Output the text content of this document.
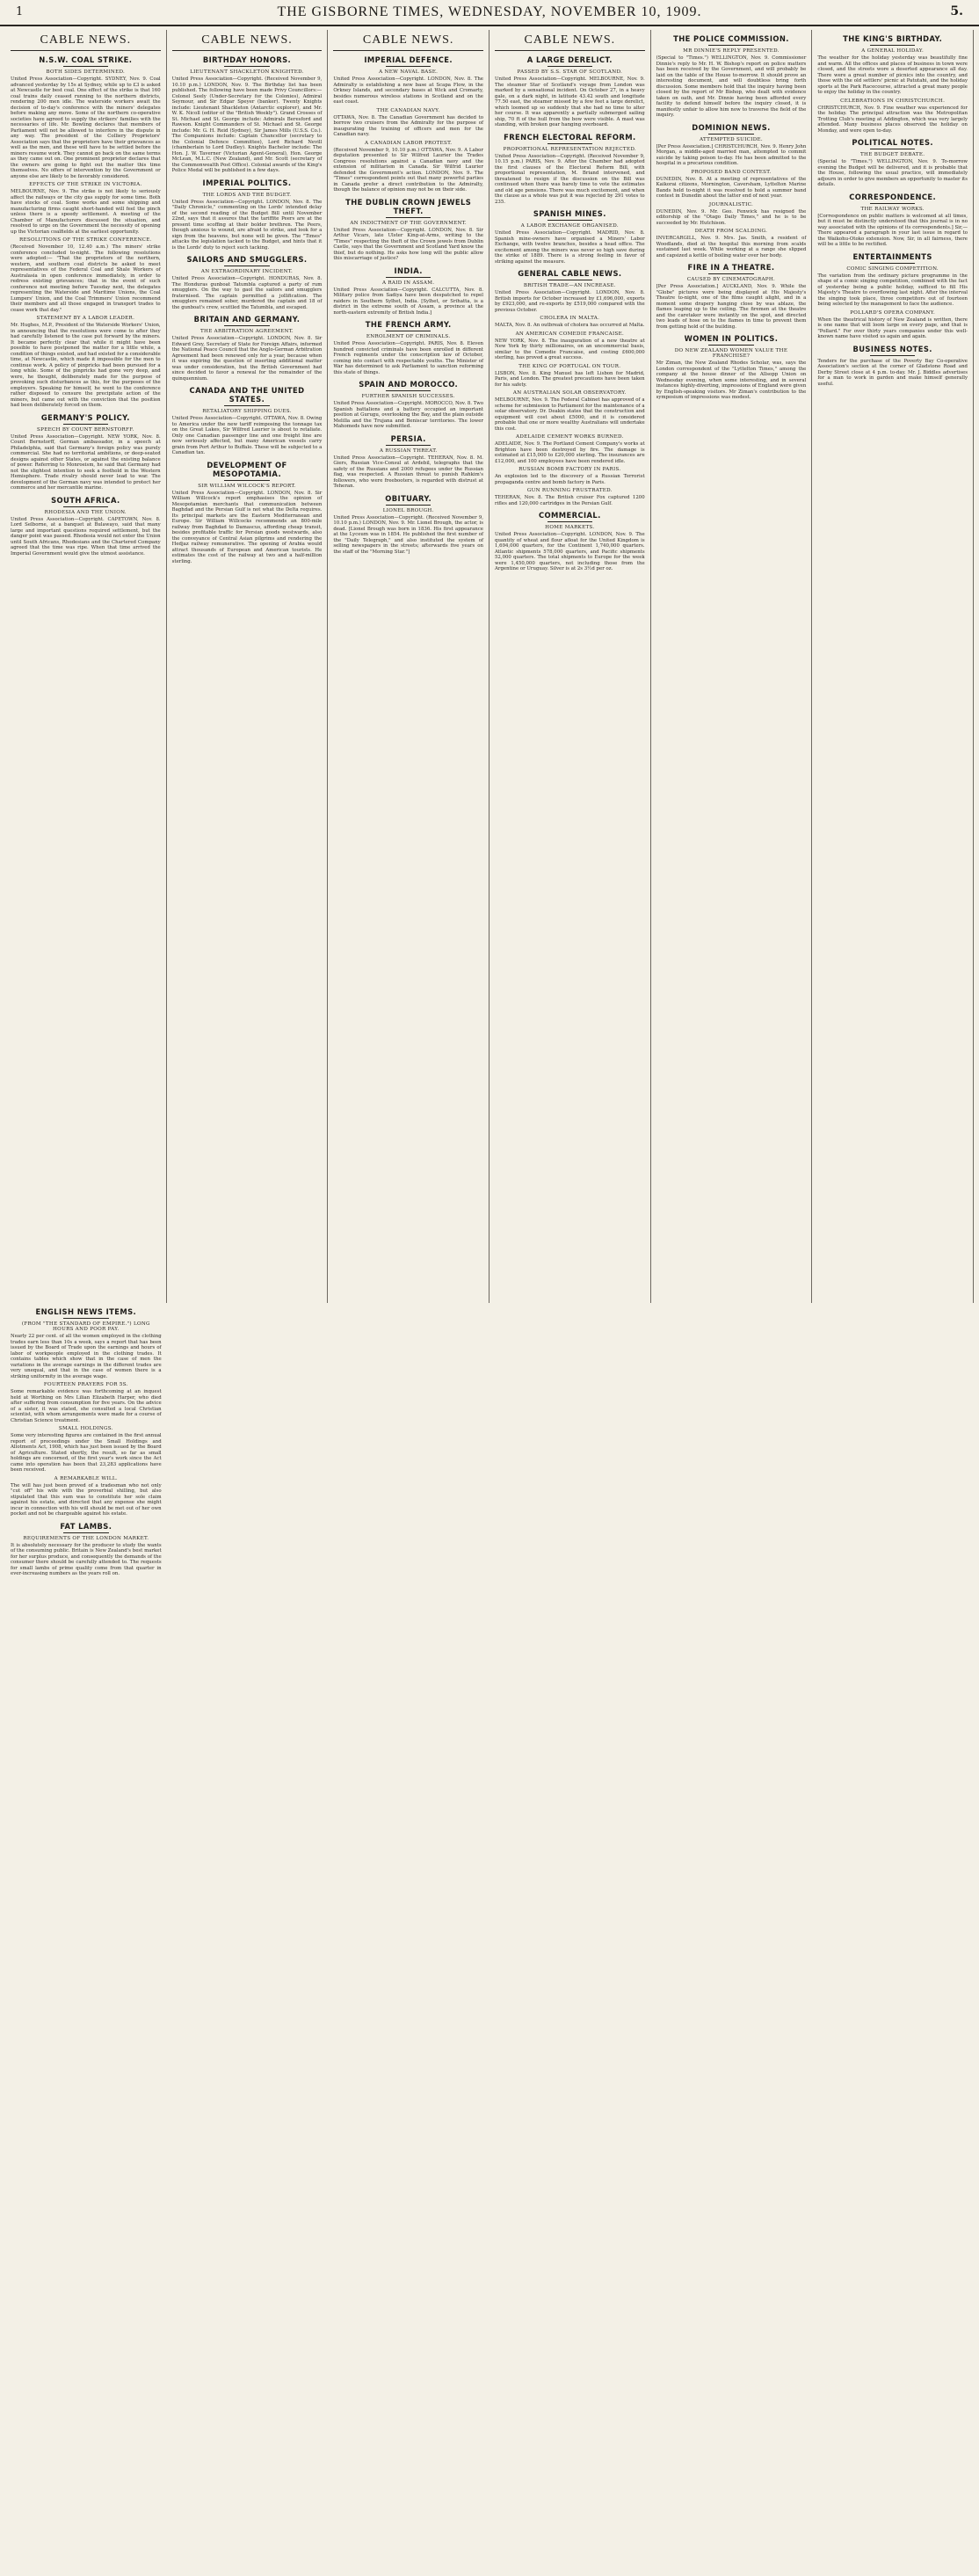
1	THE GISBORNE TIMES, WEDNESDAY, NOVEMBER 10, 1909.	5.
CABLE NEWS.
N.S.W. COAL STRIKE.
BOTH SIDES DETERMINED.
United Press Association—Copyright. SYDNEY, Nov. 9. Coal advanced yesterday by 15s at Sydney, while up to £3 is asked at Newcastle for best coal. One effect of the strike is that 160 coal trains daily ceased running to the northern districts, rendering 200 men idle. The waterside workers await the decision of to-day's conference with the miners' delegates before making any move. Some of the northern co-operative societies have agreed to supply the strikers' families with the necessaries of life. Mr. Bowling declares that members of Parliament will not be allowed to interfere in the dispute in any way. The president of the Colliery Proprietors' Association says that the proprietors have their grievances as well as the men, and these will have to be settled before the miners resume work. They cannot go back on the same terms as they came out on. One prominent proprietor declares that the owners are going to fight out the matter this time themselves. No offers of intervention by the Government or anyone else are likely to be favorably considered.
EFFECTS OF THE STRIKE IN VICTORIA.
MELBOURNE, Nov. 9. The strike is not likely to seriously affect the railways or the city gas supply for some time. Both have stocks of coal. Some works and some shipping and manufacturing firms caught short-handed will feel the pinch unless there is a speedy settlement. A meeting of the Chamber of Manufacturers discussed the situation, and resolved to urge on the Government the necessity of opening up the Victorian coalfields at the earliest opportunity.
RESOLUTIONS OF THE STRIKE CONFERENCE.
(Received November 10, 12.40 a.m.) The miners' strike conference concluded to-night. The following resolutions were adopted:— "That the proprietors of the northern, western, and southern coal districts be asked to meet representatives of the Federal Coal and Shale Workers of Australasia in open conference immediately, in order to redress existing grievances; that in the event of such conference not meeting before Tuesday next, the delegates representing the Waterside and Maritime Unions, the Coal Lumpers' Union, and the Coal Trimmers' Union recommend their members and all those engaged in transport trades to cease work that day."
STATEMENT BY A LABOR LEADER.
Mr. Hughes, M.P., President of the Waterside Workers' Union, in announcing that the resolutions were come to after they had carefully listened to the case put forward by the miners. It became perfectly clear that while it might have been possible to have postponed the matter for a little while, a condition of things existed, and had existed for a considerable time, at Newcastle, which made it impossible for the men to continue work. A policy of pinpricks had been pursued for a long while. Some of the pinpricks had gone very deep, and were, he thought, deliberately made for the purpose of provoking such disturbances as this, for the purposes of the employers. Speaking for himself, he went to the conference rather disposed to censure the precipitate action of the miners, but came out with the conviction that the position had been deliberately forced on them.
GERMANY'S POLICY.
SPEECH BY COUNT BERNSTORFF.
United Press Association—Copyright. NEW YORK, Nov. 8. Count Bernstorff, German ambassador, in a speech at Philadelphia, said that Germany's foreign policy was purely commercial. She had no territorial ambitions, or deep-seated designs against other States, or against the existing balance of power. Referring to Monroeism, he said that Germany had not the slightest intention to seek a foothold in the Western Hemisphere. Trade rivalry should never lead to war. The development of the German navy was intended to protect her commerce and her mercantile marine.
SOUTH AFRICA.
RHODESIA AND THE UNION.
United Press Association—Copyright. CAPETOWN, Nov. 8. Lord Selborne, at a banquet at Bulawayo, said that many large and important questions required settlement, but the danger point was passed. Rhodesia would not enter the Union until South Africans, Rhodesians and the Chartered Company agreed that the time was ripe. When that time arrived the Imperial Government would give the utmost assistance.
CABLE NEWS.
BIRTHDAY HONORS.
LIEUTENANT SHACKLETON KNIGHTED.
United Press Association—Copyright. (Received November 9, 10.10 p.m.) LONDON, Nov. 9. The Birthday list has been published. The following have been made Privy Councillors:—Colonel Seely (Under-Secretary for the Colonies), Admiral Seymour, and Sir Edgar Speyer (banker). Twenty Knights include: Lieutenant Shackleton (Antarctic explorer), and Mr. W. K. Nicoll (editor of the "British Weekly"). Grand Crosses of St. Michael and St. George include: Admirals Beresford and Rawson. Knight Commanders of St. Michael and St. George include: Mr. G. H. Reid (Sydney), Sir James Mills (U.S.S. Co.). The Companions include: Captain Chancellor (secretary to the Colonial Defence Committee), Lord Richard Nevill (chamberlain to Lord Dudley). Knights Bachelor include: The Hon. J. W. Taverner (Victorian Agent-General), Hon. George McLean, M.L.C. (New Zealand), and Mr. Scott (secretary of the Commonwealth Post Office). Colonial awards of the King's Police Medal will be published in a few days.
IMPERIAL POLITICS.
THE LORDS AND THE BUDGET.
United Press Association—Copyright. LONDON, Nov. 8. The "Daily Chronicle," commenting on the Lords' intended delay of the second reading of the Budget Bill until November 22nd, says that it assures that the tariffite Peers are at the present time scoffing at their bolder brethren. The Peers, though anxious to wound, are afraid to strike, and look for a sign from the heavens, but none will be given. The "Times" attacks the legislation tacked to the Budget, and hints that it is the Lords' duty to reject such tacking.
SAILORS AND SMUGGLERS.
AN EXTRAORDINARY INCIDENT.
United Press Association—Copyright. HONDURAS, Nov. 8. The Honduras gunboat Tatumbla captured a party of rum smugglers. On the way to gaol the sailors and smugglers fraternised. The captain permitted a jollification. The smugglers remained sober, murdered the captain and 18 of the gunboat's crew, scuttled the Tatumbla, and escaped.
BRITAIN AND GERMANY.
THE ARBITRATION AGREEMENT.
United Press Association—Copyright. LONDON, Nov. 8. Sir Edward Grey, Secretary of State for Foreign Affairs, informed the National Peace Council that the Anglo-German Arbitration Agreement had been renewed only for a year, because when it was expiring the question of inserting additional matter was under consideration, but the British Government had since decided to favor a renewal for the remainder of the quinquennium.
CANADA AND THE UNITED STATES.
RETALIATORY SHIPPING DUES.
United Press Association—Copyright. OTTAWA, Nov. 8. Owing to America under the new tariff reimposing the tonnage tax on the Great Lakes, Sir Wilfred Laurier is about to retaliate. Only one Canadian passenger line and one freight line are now seriously affected, but many American vessels carry grain from Port Arthur to Buffalo. These will be subjected to a Canadian tax.
DEVELOPMENT OF MESOPOTAMIA.
SIR WILLIAM WILCOCK'S REPORT.
United Press Association—Copyright. LONDON, Nov. 8. Sir William Willcock's report emphasises the opinion of Mesopotamian merchants that communication between Baghdad and the Persian Gulf is not what the Delta requires. Its principal markets are the Eastern Mediterranean and Europe. Sir William Willcocks recommends an 800-mile railway from Baghdad to Damascus, affording cheap transit, besides profitable traffic for Persian goods westwards, also the conveyance of Central Asian pilgrims and rendering the Hedjaz railway remunerative. The opening of Arabia would attract thousands of European and American tourists. He estimates the cost of the railway at two and a half-million sterling.
CABLE NEWS.
IMPERIAL DEFENCE.
A NEW NAVAL BASE.
United Press Association—Copyright. LONDON, Nov. 8. The Admiralty is establishing a new base at Scapa Flow, in the Orkney Islands, and secondary bases at Wick and Cromarty, besides numerous wireless stations in Scotland and on the east coast.
THE CANADIAN NAVY.
OTTAWA, Nov. 8. The Canadian Government has decided to borrow two cruisers from the Admiralty for the purpose of inaugurating the training of officers and men for the Canadian navy.
A CANADIAN LABOR PROTEST.
(Received November 9, 10.10 p.m.) OTTAWA, Nov. 9. A Labor deputation presented to Sir Wilfred Laurier the Trades Congress resolutions against a Canadian navy and the extension of militarism in Canada. Sir Wilfrid Laurier defended the Government's action. LONDON, Nov. 9. The "Times" correspondent points out that many powerful parties in Canada prefer a direct contribution to the Admiralty, though the balance of opinion may not be on their side.
THE DUBLIN CROWN JEWELS THEFT.
AN INDICTMENT OF THE GOVERNMENT.
United Press Association—Copyright. LONDON, Nov. 8. Sir Arthur Vicars, late Ulster King-at-Arms, writing to the "Times" respecting the theft of the Crown jewels from Dublin Castle, says that the Government and Scotland Yard know the thief, but do nothing. He asks how long will the public allow this miscarriage of justice?
INDIA.
A RAID IN ASSAM.
United Press Association—Copyright. CALCUTTA, Nov. 8. Military police from Sadiya have been despatched to repel raiders in Southern Sylhet, India. [Sylhet, or Srihatta, is a district in the extreme south of Assam, a province at the north-eastern extremity of British India.]
THE FRENCH ARMY.
ENROLMENT OF CRIMINALS.
United Press Association—Copyright. PARIS, Nov. 8. Eleven hundred convicted criminals have been enrolled in different French regiments under the conscription law of October, coming into contact with respectable youths. The Minister of War has determined to ask Parliament to sanction reforming this state of things.
SPAIN AND MOROCCO.
FURTHER SPANISH SUCCESSES.
United Press Association—Copyright. MOROCCO, Nov. 8. Two Spanish battalions and a battery occupied an important position at Gurugu, overlooking the Bay, and the plain outside Melilla and the Trujana and Beniscar territories. The lower Mahomeds have now submitted.
PERSIA.
A RUSSIAN THREAT.
United Press Association—Copyright. TEHERAN, Nov. 8. M. Giers, Russian Vice-Consul at Ardebil, telegraphs that the safety of the Russians and 2000 refugees under the Russian flag, was respected. A Russian threat to punish Rahkim's followers, who were freebooters, is regarded with distrust at Teheran.
OBITUARY.
LIONEL BROUGH.
United Press Association—Copyright. (Received November 9, 10.10 p.m.) LONDON, Nov. 9. Mr. Lionel Brough, the actor, is dead. [Lionel Brough was born in 1836. His first appearance at the Lyceum was in 1854. He published the first number of the "Daily Telegraph," and also instituted the system of selling newspapers in the streets; afterwards five years on the staff of the "Morning Star."]
CABLE NEWS.
A LARGE DERELICT.
PASSED BY S.S. STAR OF SCOTLAND.
United Press Association—Copyright. MELBOURNE, Nov. 9. The steamer Star of Scotland's voyage from London was marked by a sensational incident. On October 27, in a heavy gale, on a dark night, in latitude 43.42 south and longitude 77.50 east, the steamer missed by a few feet a large derelict, which loomed up so suddenly that she had no time to alter her course. It was apparently a partially submerged sailing ship, 70 ft of the hull from the bow were visible. A mast was standing, with broken gear hanging overboard.
FRENCH ELECTORAL REFORM.
PROPORTIONAL REPRESENTATION REJECTED.
United Press Association—Copyright. (Received November 9, 10.15 p.m.) PARIS, Nov. 9. After the Chamber had adopted the first clauses of the Electoral Reform Bill, with proportional representation, M. Briand intervened, and threatened to resign if the discussion on the Bill was continued when there was barely time to vote the estimates and old age pensions. There was much excitement, and when the clause as a whole was put it was rejected by 291 votes to 235.
SPANISH MINES.
A LABOR EXCHANGE ORGANISED.
United Press Association—Copyright. MADRID, Nov. 8. Spanish mine-owners have organised a Miners' Labor Exchange, with twelve branches, besides a head office. The excitement among the miners was never so high save during the strike of 1889. There is a strong feeling in favor of striking against the measure.
GENERAL CABLE NEWS.
BRITISH TRADE—AN INCREASE.
United Press Association—Copyright. LONDON, Nov. 8. British imports for October increased by £1,696,000, exports by £923,000, and re-exports by £519,000 compared with the previous October.
CHOLERA IN MALTA.
MALTA, Nov. 8. An outbreak of cholera has occurred at Malta.
AN AMERICAN COMEDIE FRANCAISE.
NEW YORK, Nov. 8. The inauguration of a new theatre at New York by thirty millionaires, on an uncommercial basis, similar to the Comedie Francaise, and costing £600,000 sterling, has proved a great success.
THE KING OF PORTUGAL ON TOUR.
LISBON, Nov. 8. King Manuel has left Lisbon for Madrid, Paris, and London. The greatest precautions have been taken for his safety.
AN AUSTRALIAN SOLAR OBSERVATORY.
MELBOURNE, Nov. 9. The Federal Cabinet has approved of a scheme for submission to Parliament for the maintenance of a solar observatory. Dr. Deakin states that the construction and equipment will cost about £5000, and it is considered probable that one or more wealthy Australians will undertake this cost.
ADELAIDE CEMENT WORKS BURNED.
ADELAIDE, Nov. 9. The Portland Cement Company's works at Brighton have been destroyed by fire. The damage is estimated at £15,000 to £20,000 sterling. The insurances are £12,000, and 100 employees have been rendered idle.
RUSSIAN BOMB FACTORY IN PARIS.
An explosion led to the discovery of a Russian Terrorist propaganda centre and bomb factory in Paris.
GUN RUNNING FRUSTRATED.
TEHERAN, Nov. 8. The British cruiser Fox captured 1200 rifles and 120,000 cartridges in the Persian Gulf.
COMMERCIAL.
HOME MARKETS.
United Press Association—Copyright. LONDON, Nov. 9. The quantity of wheat and flour afloat for the United Kingdom is 1,694,000 quarters, for the Continent 1,740,000 quarters. Atlantic shipments 578,000 quarters, and Pacific shipments 52,000 quarters. The total shipments to Europe for the week were 1,450,000 quarters, not including those from the Argentine or Uruguay. Silver is at 2s 3½d per oz.
THE POLICE COMMISSION.
MR DINNIE'S REPLY PRESENTED.
(Special to "Times.") WELLINGTON, Nov. 9. Commissioner Dinnie's reply to Mr. H. W. Bishop's report on police matters has been received by the Government, and will probably be laid on the table of the House to-morrow. It should prove an interesting document, and will doubtless bring forth discussion. Some members hold that the inquiry having been closed by the report of Mr Bishop, who dealt with evidence taken on oath, and Mr. Dinnie having been afforded every facility to defend himself before the inquiry closed, it is manifestly unfair to allow him now to traverse the field of the inquiry.
DOMINION NEWS.
ATTEMPTED SUICIDE.
[Per Press Association.] CHRISTCHURCH, Nov. 9. Henry John Morgan, a middle-aged married man, attempted to commit suicide by taking poison to-day. He has been admitted to the hospital in a precarious condition.
PROPOSED BAND CONTEST.
DUNEDIN, Nov. 8. At a meeting of representatives of the Kaikorai citizens, Mornington, Caversham, Lyttelton Marine Bands held to-night it was resolved to hold a summer band contest in Dunedin about the latter end of next year.
JOURNALISTIC.
DUNEDIN, Nov. 9. Mr. Geo. Fenwick has resigned the editorship of the "Otago Daily Times," and he is to be succeeded by Mr. Hutchison.
DEATH FROM SCALDING.
INVERCARGILL, Nov. 9. Mrs. Jas. Smith, a resident of Woodlands, died at the hospital this morning from scalds sustained last week. While working at a range she slipped and capsized a kettle of boiling water over her body.
FIRE IN A THEATRE.
CAUSED BY CINEMATOGRAPH.
[Per Press Association.] AUCKLAND, Nov. 9. While the "Globe" pictures were being displayed at His Majesty's Theatre to-night, one of the films caught alight, and in a moment some drapery hanging close by was ablaze, the flames leaping up to the ceiling. The firemen at the theatre and the caretaker were instantly on the spot, and directed two leads of hose on to the flames in time to prevent them from getting hold of the building.
WOMEN IN POLITICS.
DO NEW ZEALAND WOMEN VALUE THE FRANCHISE?
Mr Ziman, the New Zealand Rhodes Scholar, was, says the London correspondent of the "Lyttelton Times," among the company at the house dinner of the Allsopp Union on Wednesday evening, when some interesting, and in several instances highly-diverting, impressions of England were given by English-speaking visitors. Mr Ziman's contribution to the symposium of impressions was modest.
THE KING'S BIRTHDAY.
A GENERAL HOLIDAY.
The weather for the holiday yesterday was beautifully fine and warm. All the offices and places of business in town were closed, and the streets wore a deserted appearance all day. There were a great number of picnics into the country, and those with the old settlers' picnic at Patutahi, and the holiday sports at the Park Racecourse, attracted a great many people to enjoy the holiday in the country.
CELEBRATIONS IN CHRISTCHURCH.
CHRISTCHURCH, Nov. 9. Fine weather was experienced for the holiday. The principal attraction was the Metropolitan Trotting Club's meeting at Addington, which was very largely attended. Many business places observed the holiday on Monday, and were open to-day.
POLITICAL NOTES.
THE BUDGET DEBATE.
(Special to "Times.") WELLINGTON, Nov. 9. To-morrow evening the Budget will be delivered, and it is probable that the House, following the usual practice, will immediately adjourn in order to give members an opportunity to master its details.
CORRESPONDENCE.
THE RAILWAY WORKS.
[Correspondence on public matters is welcomed at all times, but it must be distinctly understood that this journal is in no way associated with the opinions of its correspondents.] Sir,—There appeared a paragraph in your last issue in regard to the Waikohu-Otoko extension. Now, Sir, in all fairness, there will be a little to be rectified.
ENTERTAINMENTS
COMIC SINGING COMPETITION.
The variation from the ordinary picture programme in the shape of a comic singing competition, combined with the fact of yesterday being a public holiday, sufficed to fill His Majesty's Theatre to overflowing last night. After the interval the singing took place, three competitors out of fourteen being selected by the management to face the audience.
POLLARD'S OPERA COMPANY.
When the theatrical history of New Zealand is written, there is one name that will loom large on every page, and that is "Pollard." For over thirty years companies under this well-known name have visited us again and again.
BUSINESS NOTES.
Tenders for the purchase of the Poverty Bay Co-operative Association's section at the corner of Gladstone Road and Derby Street close at 4 p.m. to-day. Mr. J. Biddles advertises for a man to work in garden and make himself generally useful.
ENGLISH NEWS ITEMS.
(FROM "THE STANDARD OF EMPIRE.") LONG HOURS AND POOR PAY.
Nearly 22 per cent. of all the women employed in the clothing trades earn less than 10s a week, says a report that has been issued by the Board of Trade upon the earnings and hours of labor of workpeople employed in the clothing trades. It contains tables which show that in the case of men the variations in the average earnings in the different trades are very unequal, and that in the case of women there is a striking uniformity in the average wage.
FOURTEEN PRAYERS FOR 5S.
Some remarkable evidence was forthcoming at an inquest held at Worthing on Mrs Lilian Elizabeth Harper, who died after suffering from consumption for five years. On the advice of a sister, it was stated, she consulted a local Christian scientist, with whom arrangements were made for a course of Christian Science treatment.
SMALL HOLDINGS.
Some very interesting figures are contained in the first annual report of proceedings under the Small Holdings and Allotments Act, 1908, which has just been issued by the Board of Agriculture. Stated shortly, the result, so far as small holdings are concerned, of the first year's work since the Act came into operation has been that 23,283 applications have been received.
A REMARKABLE WILL.
The will has just been proved of a tradesman who not only "cut off" his wife with the proverbial shilling, but also stipulated that this sum was to constitute her sole claim against his estate, and directed that any expense she might incur in connection with his will should be met out of her own pocket and not be chargeable against his estate.
FAT LAMBS.
REQUIREMENTS OF THE LONDON MARKET.
It is absolutely necessary for the producer to study the wants of the consuming public. Britain is New Zealand's best market for her surplus produce, and consequently the demands of the consumer there should be carefully attended to. The requests for small lambs of prime quality come from that quarter in ever-increasing numbers as the years roll on.
